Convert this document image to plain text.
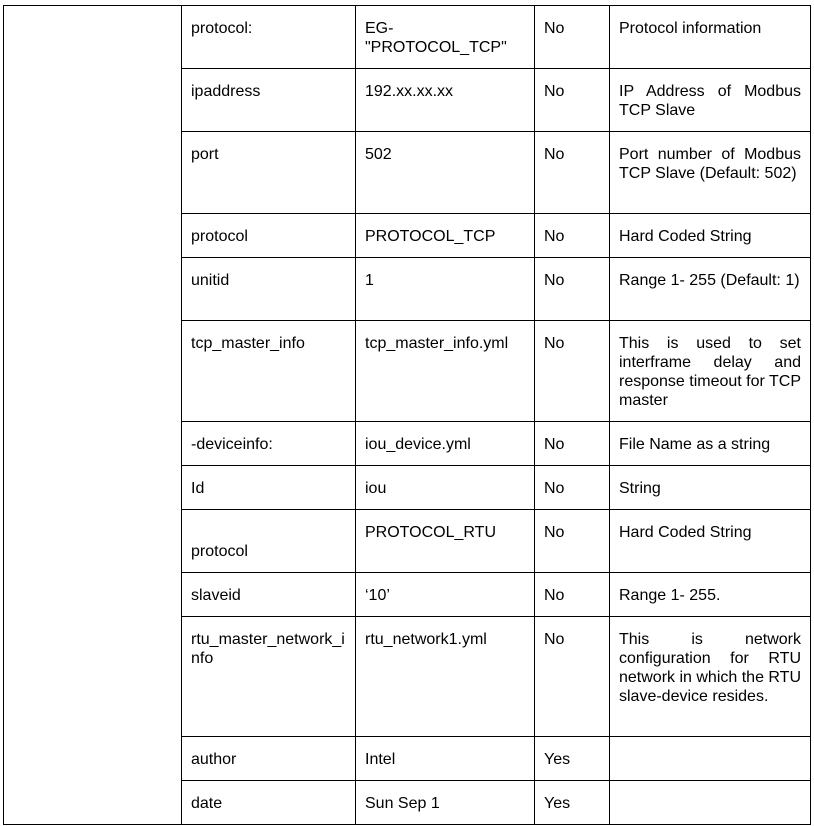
	protocol:	EG-"PROTOCOL_TCP"	No	Protocol information
	ipaddress	192.xx.xx.xx	No	IP Address of Modbus TCP Slave
	port	502	No	Port number of Modbus TCP Slave (Default: 502)
	protocol	PROTOCOL_TCP	No	Hard Coded String
	unitid	1	No	Range 1- 255 (Default: 1)
	tcp_master_info	tcp_master_info.yml	No	This is used to set interframe delay and response timeout for TCP master
	-deviceinfo:	iou_device.yml	No	File Name as a string
	Id	iou	No	String
	protocol	PROTOCOL_RTU	No	Hard Coded String
	slaveid	‘10’	No	Range 1- 255.
	rtu_master_network_info	rtu_network1.yml	No	This is network configuration for RTU network in which the RTU slave-device resides.
	author	Intel	Yes	
	date	Sun Sep 1	Yes	
